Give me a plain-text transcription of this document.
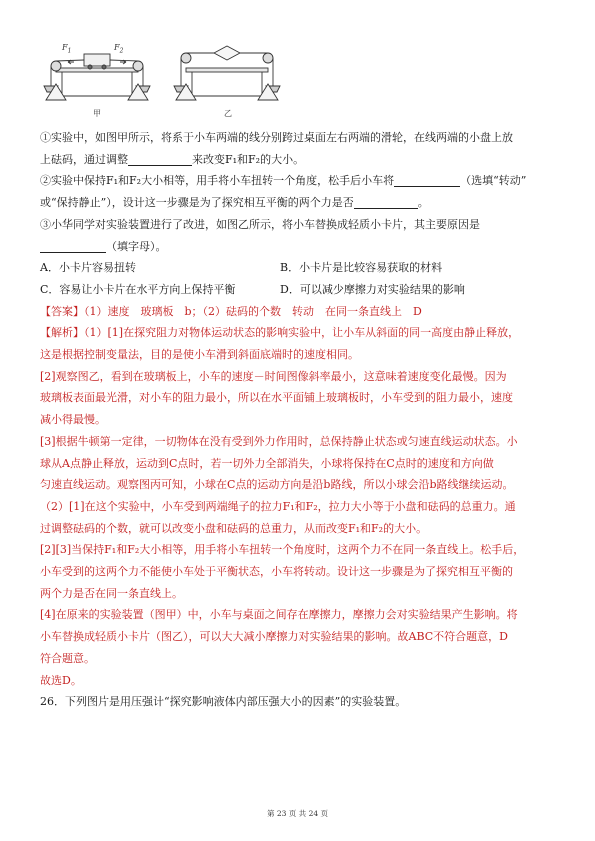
$F_1$	$F_2$
甲	乙
①实验中，如图甲所示，将系于小车两端的线分别跨过桌面左右两端的滑轮，在线两端的小盘上放
上砝码，通过调整	来改变F₁和F₂的大小。
②实验中保持F₁和F₂大小相等，用手将小车扭转一个角度，松手后小车将	（选填“转动”
或“保持静止”），设计这一步骤是为了探究相互平衡的两个力是否	。
③小华同学对实验装置进行了改进，如图乙所示，将小车替换成轻质小卡片，其主要原因是
（填字母）。
A．小卡片容易扭转	B．小卡片是比较容易获取的材料
C．容易让小卡片在水平方向上保持平衡	D．可以减少摩擦力对实验结果的影响
【答案】（1）速度　玻璃板　b；（2）砝码的个数　转动　在同一条直线上　D
【解析】（1）[1]在探究阻力对物体运动状态的影响实验中，让小车从斜面的同一高度由静止释放，
这是根据控制变量法，目的是使小车滑到斜面底端时的速度相同。
[2]观察图乙，看到在玻璃板上，小车的速度－时间图像斜率最小，这意味着速度变化最慢。因为
玻璃板表面最光滑，对小车的阻力最小，所以在水平面铺上玻璃板时，小车受到的阻力最小，速度
减小得最慢。
[3]根据牛顿第一定律，一切物体在没有受到外力作用时，总保持静止状态或匀速直线运动状态。小
球从A点静止释放，运动到C点时，若一切外力全部消失，小球将保持在C点时的速度和方向做
匀速直线运动。观察图丙可知，小球在C点的运动方向是沿b路线，所以小球会沿b路线继续运动。
（2）[1]在这个实验中，小车受到两端绳子的拉力F₁和F₂，拉力大小等于小盘和砝码的总重力。通
过调整砝码的个数，就可以改变小盘和砝码的总重力，从而改变F₁和F₂的大小。
[2][3]当保持F₁和F₂大小相等，用手将小车扭转一个角度时，这两个力不在同一条直线上。松手后，
小车受到的这两个力不能使小车处于平衡状态，小车将转动。设计这一步骤是为了探究相互平衡的
两个力是否在同一条直线上。
[4]在原来的实验装置（图甲）中，小车与桌面之间存在摩擦力，摩擦力会对实验结果产生影响。将
小车替换成轻质小卡片（图乙），可以大大减小摩擦力对实验结果的影响。故ABC不符合题意，D
符合题意。
故选D。
26．下列图片是用压强计“探究影响液体内部压强大小的因素”的实验装置。
第 23 页 共 24 页
